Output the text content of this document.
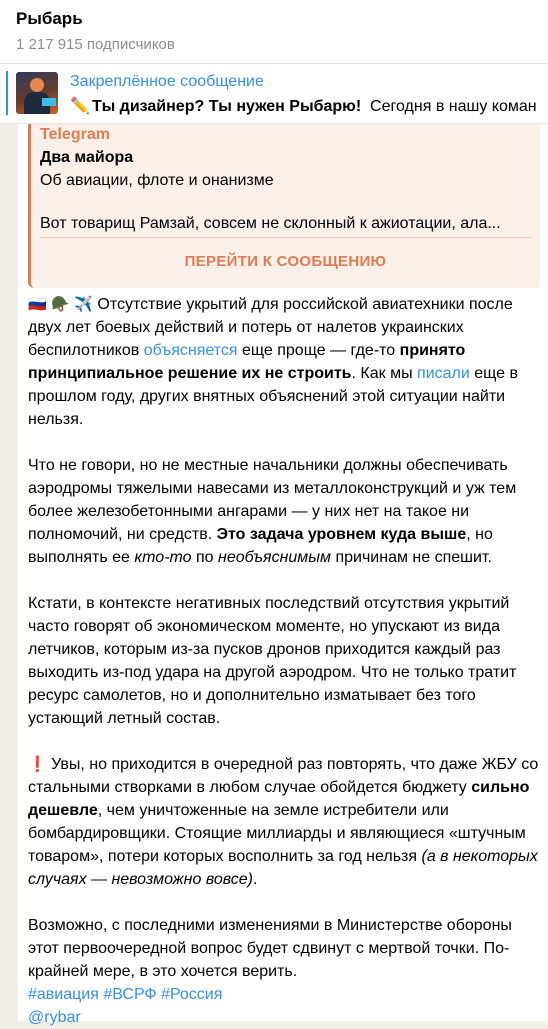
Рыбарь
1 217 915 подписчиков
Закреплённое сообщение
✏️ Ты дизайнер? Ты нужен Рыбарю! Сегодня в нашу коман
Telegram
Два майора
Об авиации, флоте и онанизме
Вот товарищ Рамзай, совсем не склонный к ажиотации, ала...
ПЕРЕЙТИ К СООБЩЕНИЮ

🇷🇺 🪖 ✈️ Отсутствие укрытий для российской авиатехники после двух лет боевых действий и потерь от налетов украинских беспилотников объясняется еще проще — где-то принято принципиальное решение их не строить. Как мы писали еще в прошлом году, других внятных объяснений этой ситуации найти нельзя.

Что не говори, но не местные начальники должны обеспечивать аэродромы тяжелыми навесами из металлоконструкций и уж тем более железобетонными ангарами — у них нет на такое ни полномочий, ни средств. Это задача уровнем куда выше, но выполнять ее кто-то по необъяснимым причинам не спешит.

Кстати, в контексте негативных последствий отсутствия укрытий часто говорят об экономическом моменте, но упускают из вида летчиков, которым из-за пусков дронов приходится каждый раз выходить из-под удара на другой аэродром. Что не только тратит ресурс самолетов, но и дополнительно изматывает без того устающий летный состав.

❗ Увы, но приходится в очередной раз повторять, что даже ЖБУ со стальными створками в любом случае обойдется бюджету сильно дешевле, чем уничтоженные на земле истребители или бомбардировщики. Стоящие миллиарды и являющиеся «штучным товаром», потери которых восполнить за год нельзя (а в некоторых случаях — невозможно вовсе).

Возможно, с последними изменениями в Министерстве обороны этот первоочередной вопрос будет сдвинут с мертвой точки. По-крайней мере, в это хочется верить.

#авиация #ВСРФ #Россия

@rybar
